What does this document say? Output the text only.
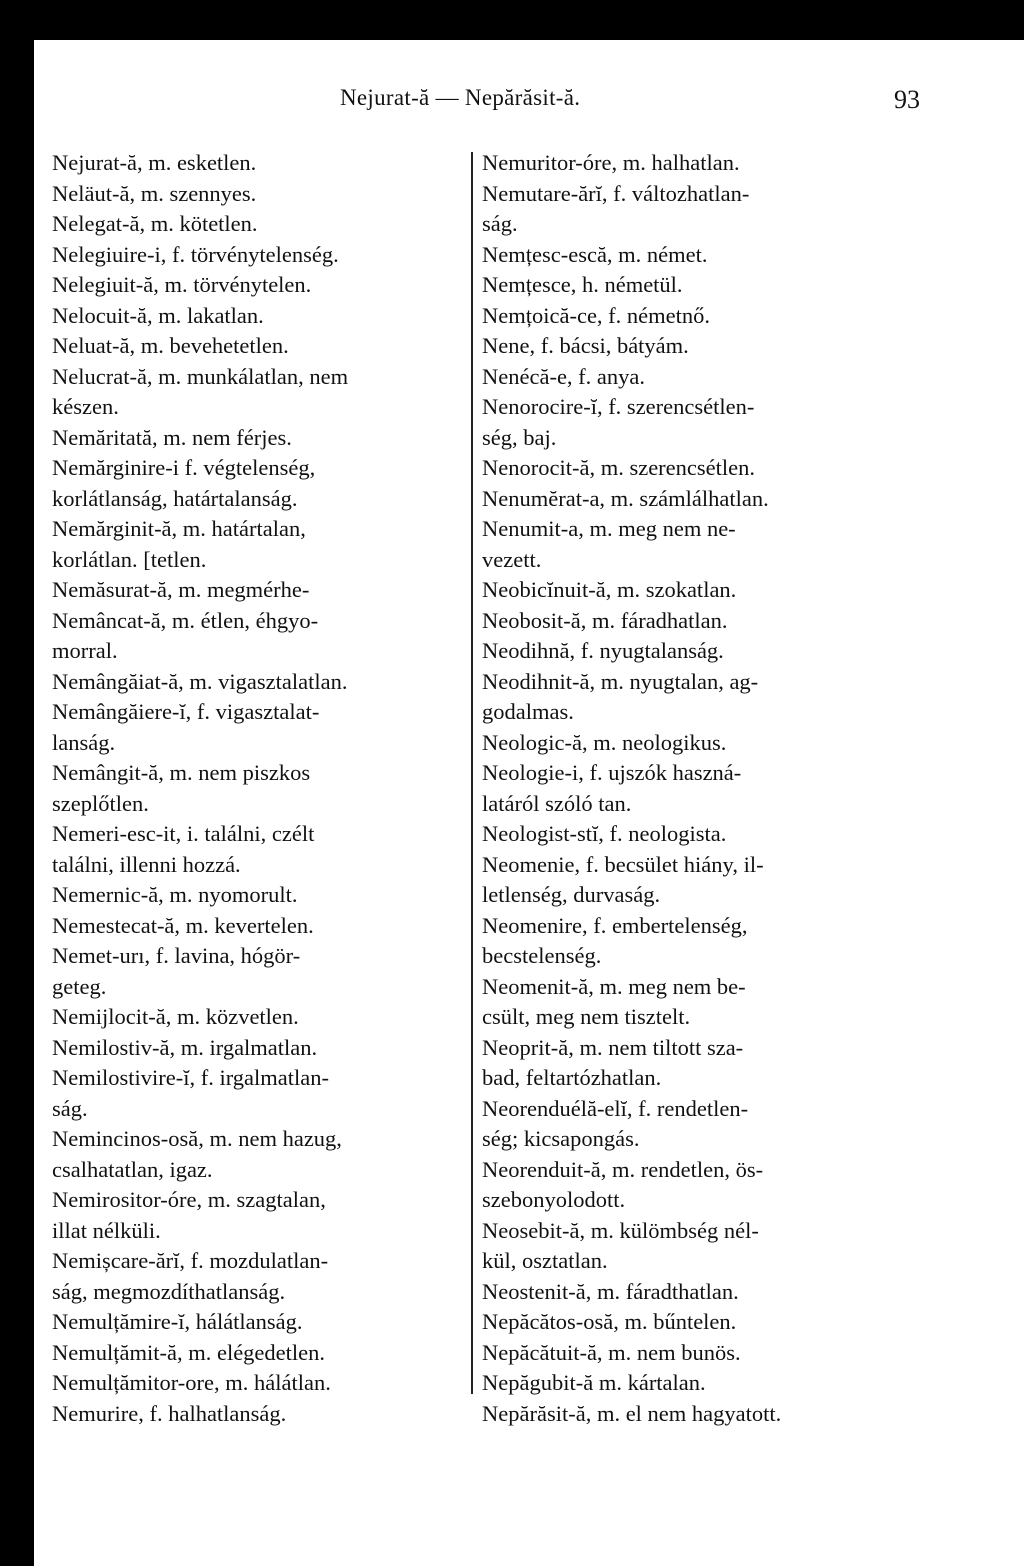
Nejurat-ă — Nepărăsit-ă.	93

Nejurat-ă, m. esketlen.

Neläut-ă, m. szennyes.

Nelegat-ă, m. kötetlen.

Nelegiuire-i, f. törvénytelenség.

Nelegiuit-ă, m. törvénytelen.

Nelocuit-ă, m. lakatlan.

Neluat-ă, m. bevehetetlen.

Nelucrat-ă, m. munkálatlan, nem
készen.

Nemăritată, m. nem férjes.

Nemărginire-i f. végtelenség,
korlátlanság, határtalanság.

Nemărginit-ă, m. határtalan,
korlátlan. [tetlen.

Nemăsurat-ă, m. megmérhe-

Nemâncat-ă, m. étlen, éhgyo-
morral.

Nemângăiat-ă, m. vigasztalatlan.

Nemângăiere-ĭ, f. vigasztalat-
lanság.

Nemângit-ă, m. nem piszkos
szeplőtlen.

Nemeri-esc-it, i. találni, czélt
találni, illenni hozzá.

Nemernic-ă, m. nyomorult.

Nemestecat-ă, m. kevertelen.

Nemet-urı, f. lavina, hógör-
geteg.

Nemijlocit-ă, m. közvetlen.

Nemilostiv-ă, m. irgalmatlan.

Nemilostivire-ĭ, f. irgalmatlan-
ság.

Nemincinos-osă, m. nem hazug,
csalhatatlan, igaz.

Nemirositor-óre, m. szagtalan,
illat nélküli.

Nemișcare-ărĭ, f. mozdulatlan-
ság, megmozdíthatlanság.

Nemulțămire-ĭ, hálátlanság.

Nemulțămit-ă, m. elégedetlen.

Nemulțămitor-ore, m. hálátlan.

Nemurire, f. halhatlanság.

Nemuritor-óre, m. halhatlan.

Nemutare-ărĭ, f. változhatlan-
ság.

Nemțesc-escă, m. német.

Nemțesce, h. németül.

Nemțoică-ce, f. németnő.

Nene, f. bácsi, bátyám.

Nenécă-e, f. anya.

Nenorocire-ĭ, f. szerencsétlen-
ség, baj.

Nenorocit-ă, m. szerencsétlen.

Nenumĕrat-a, m. számlálhatlan.

Nenumit-a, m. meg nem ne-
vezett.

Neobicĭnuit-ă, m. szokatlan.

Neobosit-ă, m. fáradhatlan.

Neodihnă, f. nyugtalanság.

Neodihnit-ă, m. nyugtalan, ag-
godalmas.

Neologic-ă, m. neologikus.

Neologie-i, f. ujszók haszná-
latáról szóló tan.

Neologist-stĭ, f. neologista.

Neomenie, f. becsület hiány, il-
letlenség, durvaság.

Neomenire, f. embertelenség,
becstelenség.

Neomenit-ă, m. meg nem be-
csült, meg nem tisztelt.

Neoprit-ă, m. nem tiltott sza-
bad, feltartózhatlan.

Neorenduélă-elĭ, f. rendetlen-
ség; kicsapongás.

Neorenduit-ă, m. rendetlen, ös-
szebonyolodott.

Neosebit-ă, m. külömbség nél-
kül, osztatlan.

Neostenit-ă, m. fáradthatlan.

Nepăcătos-osă, m. bűntelen.

Nepăcătuit-ă, m. nem bunös.

Nepăgubit-ă m. kártalan.

Nepărăsit-ă, m. el nem hagyatott.
